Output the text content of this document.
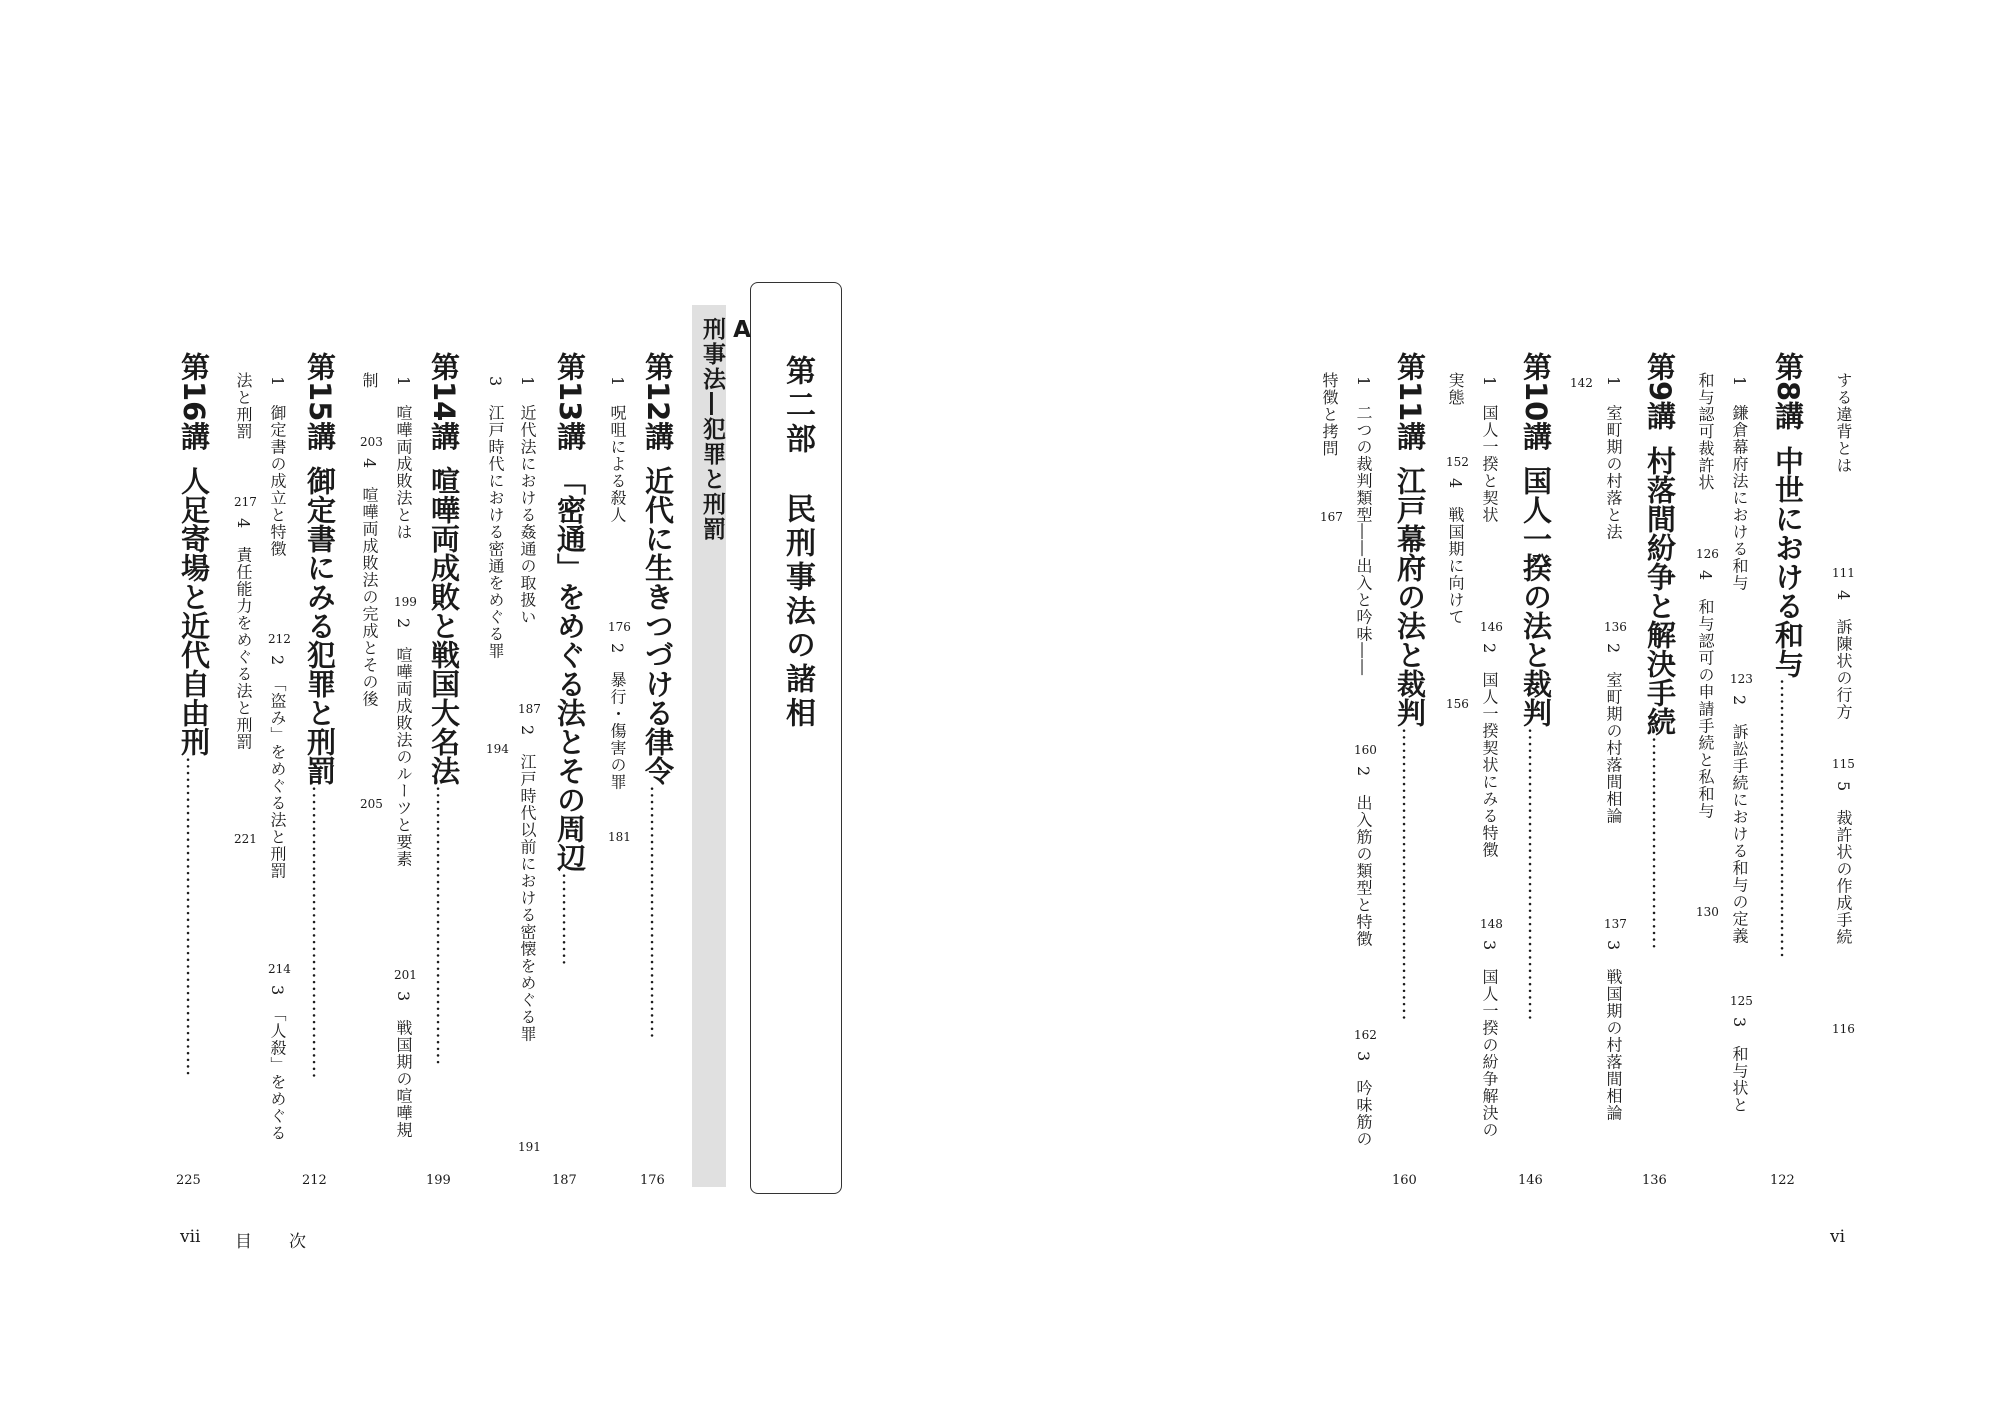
する違背とは
111
4　訴陳状の行方
115
5　裁許状の作成手続
116
第8講中世における和与‥‥‥‥‥‥‥‥‥‥‥‥‥‥‥‥‥‥‥‥‥
122
1　鎌倉幕府法における和与
123
2　訴訟手続における和与の定義
125
3　和与状と
和与認可裁許状
126
4　和与認可の申請手続と私和与
130
第9講村落間紛争と解決手続‥‥‥‥‥‥‥‥‥‥‥‥‥‥‥‥
136
1　室町期の村落と法
136
2　室町期の村落間相論
137
3　戦国期の村落間相論
142
第10講国人一揆の法と裁判‥‥‥‥‥‥‥‥‥‥‥‥‥‥‥‥‥‥‥‥‥‥
146
1　国人一揆と契状
146
2　国人一揆契状にみる特徴
148
3　国人一揆の紛争解決の
実態
152
4　戦国期に向けて
156
第11講江戸幕府の法と裁判‥‥‥‥‥‥‥‥‥‥‥‥‥‥‥‥‥‥‥‥‥‥
160
1　二つの裁判類型――出入と吟味――
160
2　出入筋の類型と特徴
162
3　吟味筋の
特徴と拷問
167
vi
第二部民刑事法の諸相
A
刑事法―犯罪と刑罰
第12講近代に生きつづける律令‥‥‥‥‥‥‥‥‥‥‥‥‥‥‥‥‥‥‥
176
1　呪咀による殺人
176
2　暴行・傷害の罪
181
第13講「密通」をめぐる法とその周辺‥‥‥‥‥‥‥
187
1　近代法における姦通の取扱い
187
2　江戸時代以前における密懐をめぐる罪
191
3　江戸時代における密通をめぐる罪
194
第14講喧嘩両成敗と戦国大名法‥‥‥‥‥‥‥‥‥‥‥‥‥‥‥‥‥‥‥‥‥
199
1　喧嘩両成敗法とは
199
2　喧嘩両成敗法のルーツと要素
201
3　戦国期の喧嘩規
制
203
4　喧嘩両成敗法の完成とその後
205
第15講御定書にみる犯罪と刑罰‥‥‥‥‥‥‥‥‥‥‥‥‥‥‥‥‥‥‥‥‥‥
212
1　御定書の成立と特徴
212
2　「盗み」をめぐる法と刑罰
214
3　「人殺」をめぐる
法と刑罰
217
4　責任能力をめぐる法と刑罰
221
第16講人足寄場と近代自由刑‥‥‥‥‥‥‥‥‥‥‥‥‥‥‥‥‥‥‥‥‥‥‥‥
225
vii 目　次
